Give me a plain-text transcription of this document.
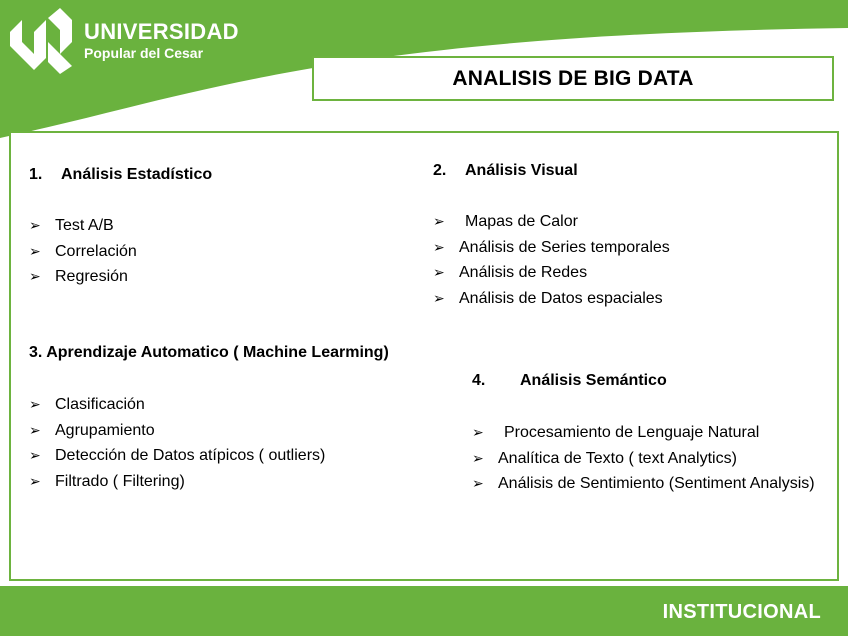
UNIVERSIDAD
Popular del Cesar
ANALISIS DE BIG DATA
1. Análisis Estadístico
➢ Test A/B
➢ Correlación
➢ Regresión
2. Análisis Visual
➢ Mapas de Calor
➢ Análisis de Series temporales
➢ Análisis de Redes
➢ Análisis de Datos espaciales
3. Aprendizaje Automatico ( Machine Learming)
➢ Clasificación
➢ Agrupamiento
➢ Detección de Datos atípicos ( outliers)
➢ Filtrado ( Filtering)
4. Análisis Semántico
➢ Procesamiento de Lenguaje Natural
➢ Analítica de Texto ( text Analytics)
➢ Análisis de Sentimiento (Sentiment Analysis)
INSTITUCIONAL
